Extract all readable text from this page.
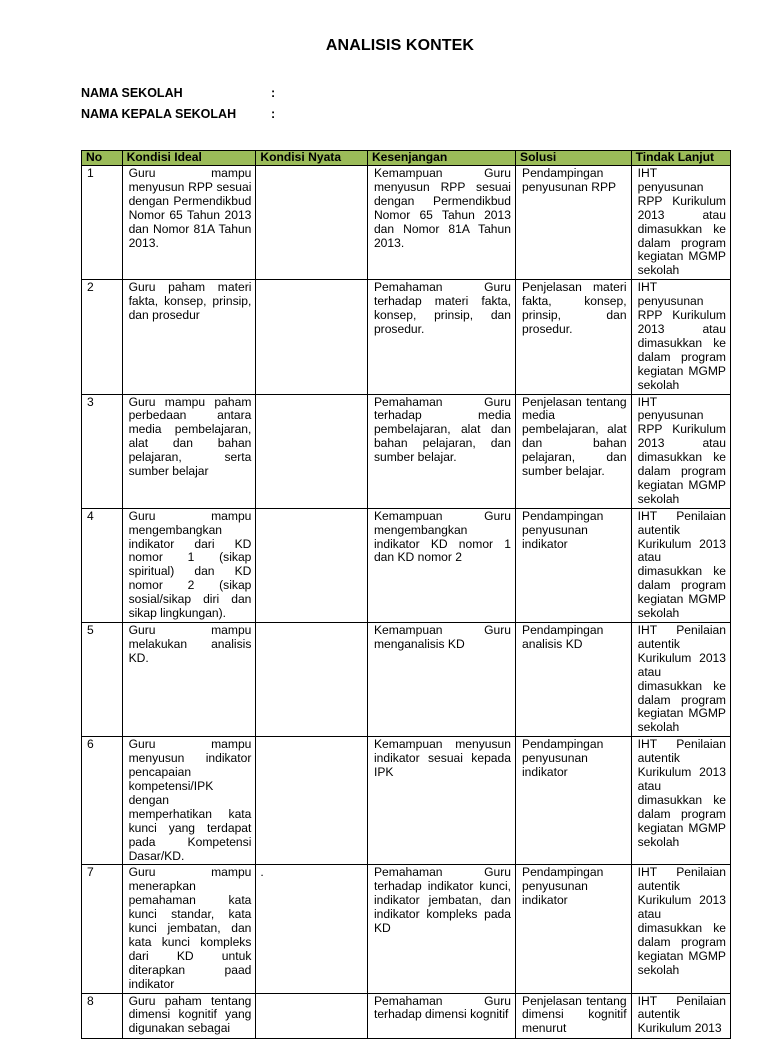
ANALISIS KONTEK
NAMA SEKOLAH	:
NAMA KEPALA SEKOLAH	:
No	Kondisi Ideal	Kondisi Nyata	Kesenjangan	Solusi	Tindak Lanjut
1	Guru mampu menyusun RPP sesuai dengan Permendikbud Nomor 65 Tahun 2013 dan Nomor 81A Tahun 2013.		Kemampuan Guru menyusun RPP sesuai dengan Permendikbud Nomor 65 Tahun 2013 dan Nomor 81A Tahun 2013.	Pendampingan penyusunan RPP	IHT penyusunan RPP Kurikulum 2013 atau dimasukkan ke dalam program kegiatan MGMP sekolah
2	Guru paham materi fakta, konsep, prinsip, dan prosedur		Pemahaman Guru terhadap materi fakta, konsep, prinsip, dan prosedur.	Penjelasan materi fakta, konsep, prinsip, dan prosedur.	IHT penyusunan RPP Kurikulum 2013 atau dimasukkan ke dalam program kegiatan MGMP sekolah
3	Guru mampu paham perbedaan antara media pembelajaran, alat dan bahan pelajaran, serta sumber belajar		Pemahaman Guru terhadap media pembelajaran, alat dan bahan pelajaran, dan sumber belajar.	Penjelasan tentang media pembelajaran, alat dan bahan pelajaran, dan sumber belajar.	IHT penyusunan RPP Kurikulum 2013 atau dimasukkan ke dalam program kegiatan MGMP sekolah
4	Guru mampu mengembangkan indikator dari KD nomor 1 (sikap spiritual) dan KD nomor 2 (sikap sosial/sikap diri dan sikap lingkungan).		Kemampuan Guru mengembangkan indikator KD nomor 1 dan KD nomor 2	Pendampingan penyusunan indikator	IHT Penilaian autentik Kurikulum 2013 atau dimasukkan ke dalam program kegiatan MGMP sekolah
5	Guru mampu melakukan analisis KD.		Kemampuan Guru menganalisis KD	Pendampingan analisis KD	IHT Penilaian autentik Kurikulum 2013 atau dimasukkan ke dalam program kegiatan MGMP sekolah
6	Guru mampu menyusun indikator pencapaian kompetensi/IPK dengan memperhatikan kata kunci yang terdapat pada Kompetensi Dasar/KD.		Kemampuan menyusun indikator sesuai kepada IPK	Pendampingan penyusunan indikator	IHT Penilaian autentik Kurikulum 2013 atau dimasukkan ke dalam program kegiatan MGMP sekolah
7	Guru mampu menerapkan pemahaman kata kunci standar, kata kunci jembatan, dan kata kunci kompleks dari KD untuk diterapkan paad indikator	.	Pemahaman Guru terhadap indikator kunci, indikator jembatan, dan indikator kompleks pada KD	Pendampingan penyusunan indikator	IHT Penilaian autentik Kurikulum 2013 atau dimasukkan ke dalam program kegiatan MGMP sekolah
8	Guru paham tentang dimensi kognitif yang digunakan sebagai		Pemahaman Guru terhadap dimensi kognitif	Penjelasan tentang dimensi kognitif menurut	IHT Penilaian autentik Kurikulum 2013
